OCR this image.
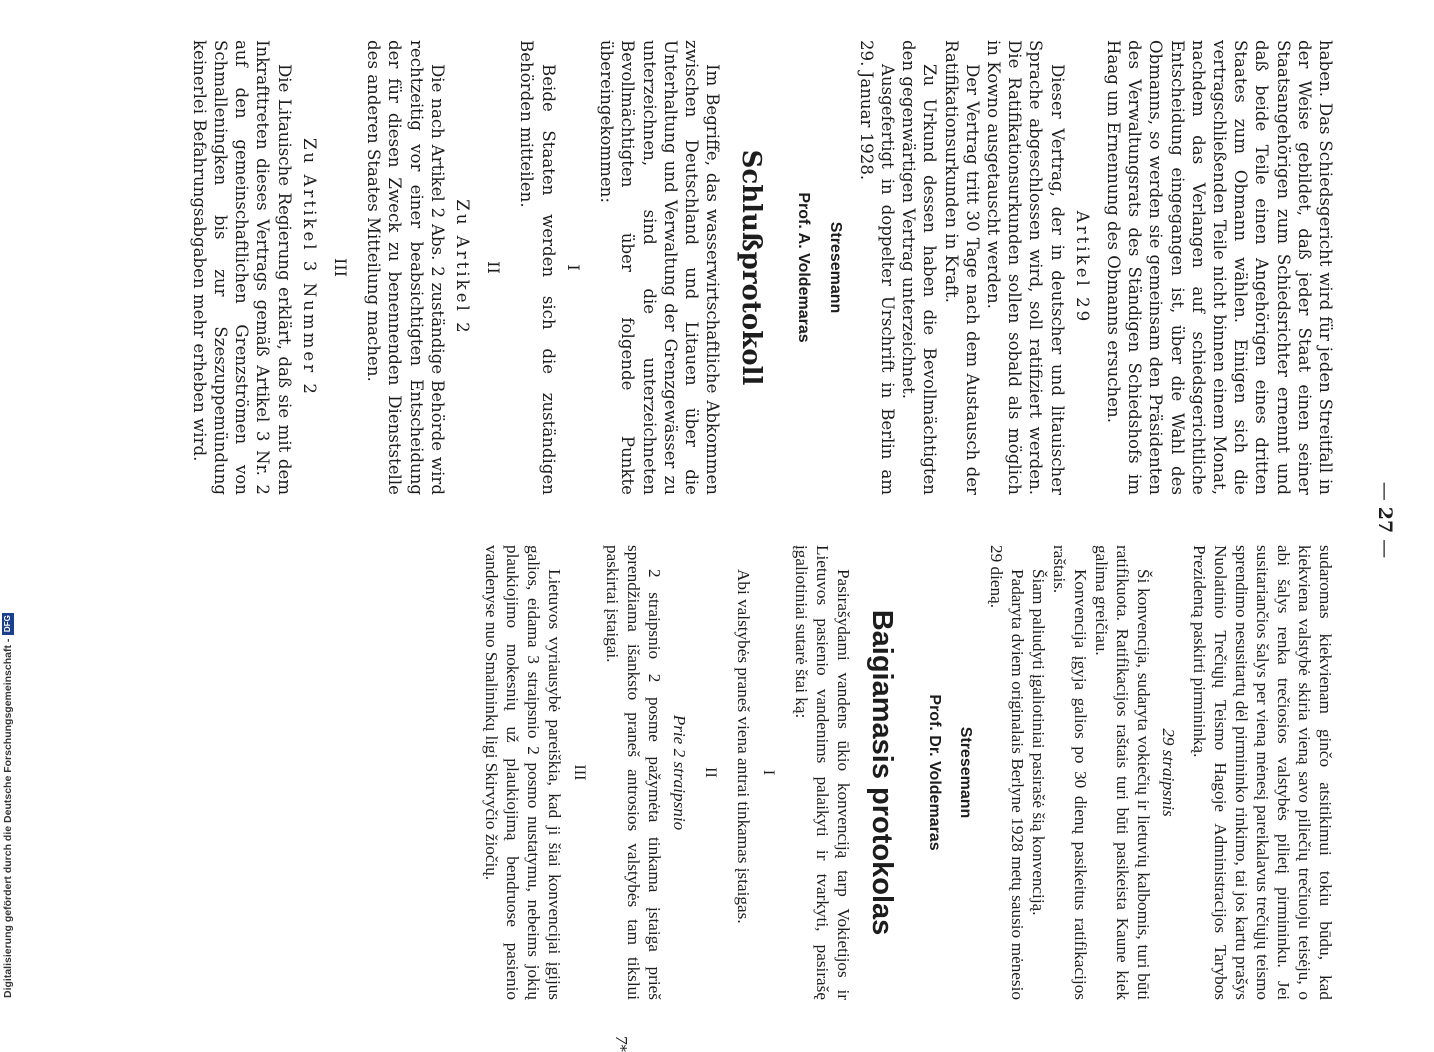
— 27 —

haben. Das Schiedsgericht wird für jeden Streitfall in der Weise gebildet, daß jeder Staat einen seiner Staatsangehörigen zum Schiedsrichter ernennt und daß beide Teile einen Angehörigen eines dritten Staates zum Obmann wählen. Einigen sich die vertragschließenden Teile nicht binnen einem Monat, nachdem das Verlangen auf schiedsgerichtliche Entscheidung eingegangen ist, über die Wahl des Obmanns, so werden sie gemeinsam den Präsidenten des Verwaltungsrats des Ständigen Schiedshofs im Haag um Ernennung des Obmanns ersuchen.

Artikel 29

Dieser Vertrag, der in deutscher und litauischer Sprache abgeschlossen wird, soll ratifiziert werden. Die Ratifikationsurkunden sollen sobald als möglich in Kowno ausgetauscht werden.

Der Vertrag tritt 30 Tage nach dem Austausch der Ratifikationsurkunden in Kraft.

Zu Urkund dessen haben die Bevollmächtigten den gegenwärtigen Vertrag unterzeichnet.

Ausgefertigt in doppelter Urschrift in Berlin am 29. Januar 1928.

Stresemann
Prof. A. Voldemaras
Schlußprotokoll

Im Begriffe, das wasserwirtschaftliche Abkommen zwischen Deutschland und Litauen über die Unterhaltung und Verwaltung der Grenzgewässer zu unterzeichnen, sind die unterzeichneten Bevollmächtigten über folgende Punkte übereingekommen:

I

Beide Staaten werden sich die zuständigen Behörden mitteilen.

II
Zu Artikel 2

Die nach Artikel 2 Abs. 2 zuständige Behörde wird rechtzeitig vor einer beabsichtigten Entscheidung der für diesen Zweck zu benennenden Dienststelle des anderen Staates Mitteilung machen.

III
Zu Artikel 3 Nummer 2

Die Litauische Regierung erklärt, daß sie mit dem Inkrafttreten dieses Vertrags gemäß Artikel 3 Nr. 2 auf den gemeinschaftlichen Grenzströmen von Schmalleningken bis zur Szeszuppemündung keinerlei Befahrungsabgaben mehr erheben wird.

sudaromas kiekvienam ginčo atsitikimui tokiu būdu, kad kiekviena valstybė skiria vieną savo piliečių trečiuoju teisėju, o abi šalys renka trečiosios valstybės pilietį pirmininku. Jei susitariančios šalys per vieną mėnesį pareikalavus trečiųjų teismo sprendimo nesusitartų dėl pirmininko rinkimo, tai jos kartu prašys Nuolatinio Trečiųjų Teismo Hagoje Administracijos Tarybos Prezidentą paskirti pirmininką.

29 straipsnis

Ši konvencija, sudaryta vokiečių ir lietuvių kalbomis, turi būti ratifikuota. Ratifikacijos raštais turi būti pasikeista Kaune kiek galima greičiau.

Konvencija įgyja galios po 30 dienų pasikeitus ratifikacijos raštais.

Šiam paliudyti įgaliotiniai pasirašė šią konvenciją.

Padaryta dviem originalais Berlyne 1928 metų sausio mėnesio 29 dieną.

Stresemann
Prof. Dr. Voldemaras
Baigiamasis protokolas

Pasirašydami vandens ūkio konvenciją tarp Vokietijos ir Lietuvos pasienio vandenims palaikyti ir tvarkyti, pasirašę įgaliotiniai sutarė štai ką:

I

Abi valstybės praneš viena antrai tinkamas įstaigas.

II
Prie 2 straipsnio

2 straipsnio 2 posme pažymėta tinkama įstaiga prieš sprendžiama išanksto praneš antrosios valstybės tam tikslui paskirtai įstaigai.

III

Lietuvos vyriausybė pareiškia, kad ji šiai konvencijai įgijus galios, eidama 3 straipsnio 2 posmo nustatymu, nebeims jokių plaukiojimo mokesnių už plaukiojimą bendruose pasienio vandenyse nuo Smalininkų ligi Skirvyčio žiočių.

7*
Digitalisierung gefördert durch die Deutsche Forschungsgemeinschaft -
DFG
